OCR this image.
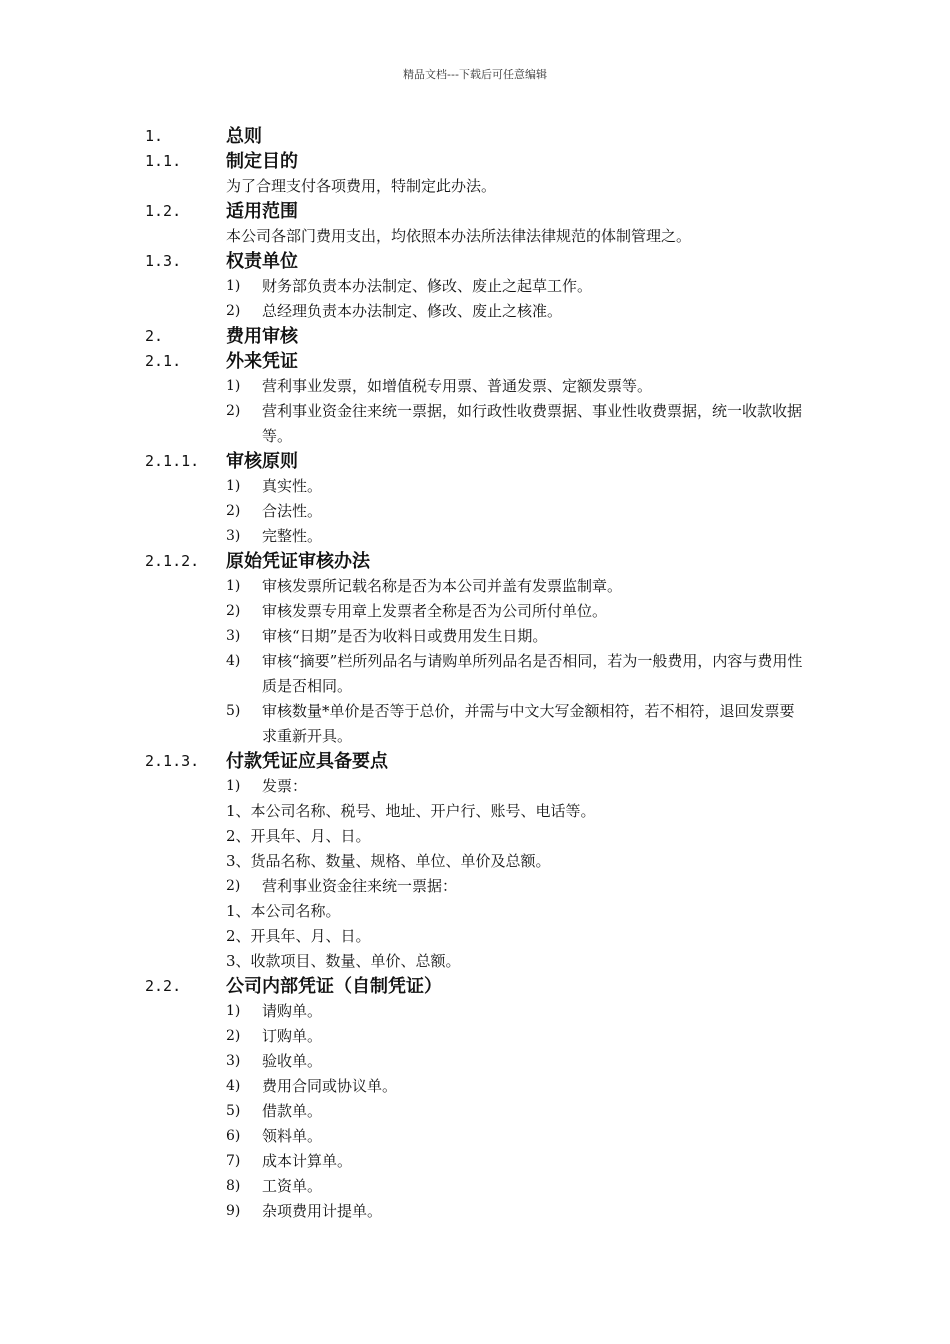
精品文档---下载后可任意编辑
1.	总则
1.1. 制定目的
为了合理支付各项费用，特制定此办法。
1.2. 适用范围
本公司各部门费用支出，均依照本办法所法律法律规范的体制管理之。
1.3. 权责单位
1) 财务部负责本办法制定、修改、废止之起草工作。
2) 总经理负责本办法制定、修改、废止之核准。
2.	费用审核
2.1. 外来凭证
1) 营利事业发票，如增值税专用票、普通发票、定额发票等。
2) 营利事业资金往来统一票据，如行政性收费票据、事业性收费票据，统一收款收据等。
2.1.1. 审核原则
1) 真实性。
2) 合法性。
3) 完整性。
2.1.2. 原始凭证审核办法
1) 审核发票所记载名称是否为本公司并盖有发票监制章。
2) 审核发票专用章上发票者全称是否为公司所付单位。
3) 审核“日期”是否为收料日或费用发生日期。
4) 审核“摘要”栏所列品名与请购单所列品名是否相同，若为一般费用，内容与费用性质是否相同。
5) 审核数量*单价是否等于总价，并需与中文大写金额相符，若不相符，退回发票要求重新开具。
2.1.3. 付款凭证应具备要点
1) 发票：
1、本公司名称、税号、地址、开户行、账号、电话等。
2、开具年、月、日。
3、货品名称、数量、规格、单位、单价及总额。
2) 营利事业资金往来统一票据：
1、本公司名称。
2、开具年、月、日。
3、收款项目、数量、单价、总额。
2.2. 公司内部凭证（自制凭证）
1) 请购单。
2) 订购单。
3) 验收单。
4) 费用合同或协议单。
5) 借款单。
6) 领料单。
7) 成本计算单。
8) 工资单。
9) 杂项费用计提单。
